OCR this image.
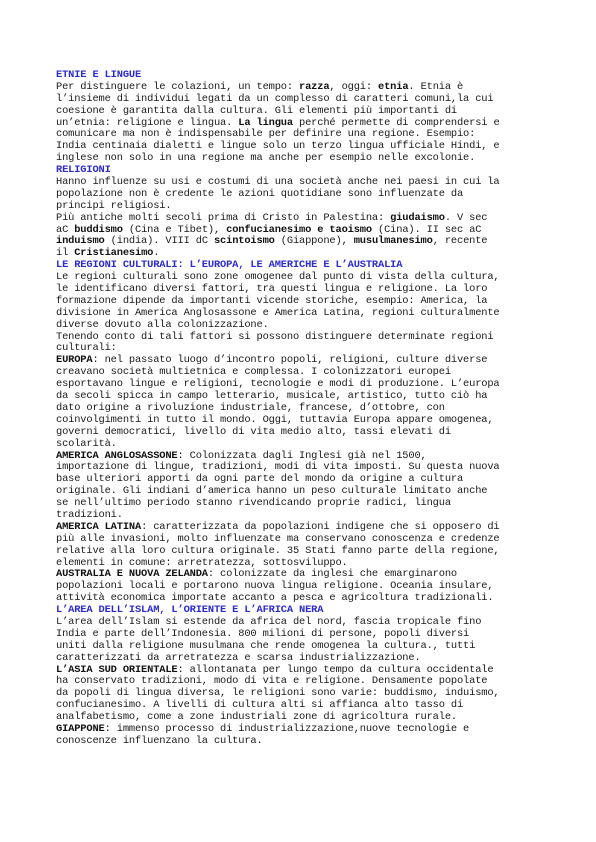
ETNIE E LINGUE
Per distinguere le colazioni, un tempo: razza, oggi: etnia. Etnia è
l’insieme di individui legati da un complesso di caratteri comuni,la cui
coesione è garantita dalla cultura. Gli elementi più importanti di
un’etnia: religione e lingua. La lingua perché permette di comprendersi e
comunicare ma non è indispensabile per definire una regione. Esempio:
India centinaia dialetti e lingue solo un terzo lingua ufficiale Hindi, e
inglese non solo in una regione ma anche per esempio nelle excolonie.
RELIGIONI
Hanno influenze su usi e costumi di una società anche nei paesi in cui la
popolazione non è credente le azioni quotidiane sono influenzate da
principi religiosi.
Più antiche molti secoli prima di Cristo in Palestina: giudaismo. V sec
aC buddismo (Cina e Tibet), confucianesimo e taoismo (Cina). II sec aC
induismo (india). VIII dC scintoismo (Giappone), musulmanesimo, recente
il Cristianesimo.
LE REGIONI CULTURALI: L’EUROPA, LE AMERICHE E L’AUSTRALIA
Le regioni culturali sono zone omogenee dal punto di vista della cultura,
le identificano diversi fattori, tra questi lingua e religione. La loro
formazione dipende da importanti vicende storiche, esempio: America, la
divisione in America Anglosassone e America Latina, regioni culturalmente
diverse dovuto alla colonizzazione.
Tenendo conto di tali fattori si possono distinguere determinate regioni
culturali:
EUROPA: nel passato luogo d’incontro popoli, religioni, culture diverse
creavano società multietnica e complessa. I colonizzatori europei
esportavano lingue e religioni, tecnologie e modi di produzione. L’europa
da secoli spicca in campo letterario, musicale, artistico, tutto ciò ha
dato origine a rivoluzione industriale, francese, d’ottobre, con
coinvolgimenti in tutto il mondo. Oggi, tuttavia Europa appare omogenea,
governi democratici, livello di vita medio alto, tassi elevati di
scolarità.
AMERICA ANGLOSASSONE: Colonizzata dagli Inglesi già nel 1500,
importazione di lingue, tradizioni, modi di vita imposti. Su questa nuova
base ulteriori apporti da ogni parte del mondo da origine a cultura
originale. Gli indiani d’america hanno un peso culturale limitato anche
se nell’ultimo periodo stanno rivendicando proprie radici, lingua
tradizioni.
AMERICA LATINA: caratterizzata da popolazioni indigene che si opposero di
più alle invasioni, molto influenzate ma conservano conoscenza e credenze
relative alla loro cultura originale. 35 Stati fanno parte della regione,
elementi in comune: arretratezza, sottosviluppo.
AUSTRALIA E NUOVA ZELANDA: colonizzate da inglesi che emarginarono
popolazioni locali e portarono nuova lingua religione. Oceania insulare,
attività economica importate accanto a pesca e agricoltura tradizionali.
L’AREA DELL’ISLAM, L’ORIENTE E L’AFRICA NERA
L’area dell’Islam si estende da africa del nord, fascia tropicale fino
India e parte dell’Indonesia. 800 milioni di persone, popoli diversi
uniti dalla religione musulmana che rende omogenea la cultura., tutti
caratterizzati da arretratezza e scarsa industrializzazione.
L’ASIA SUD ORIENTALE: allontanata per lungo tempo da cultura occidentale
ha conservato tradizioni, modo di vita e religione. Densamente popolate
da popoli di lingua diversa, le religioni sono varie: buddismo, induismo,
confucianesimo. A livelli di cultura alti si affianca alto tasso di
analfabetismo, come a zone industriali zone di agricoltura rurale.
GIAPPONE: immenso processo di industrializzazione,nuove tecnologie e
conoscenze influenzano la cultura.
